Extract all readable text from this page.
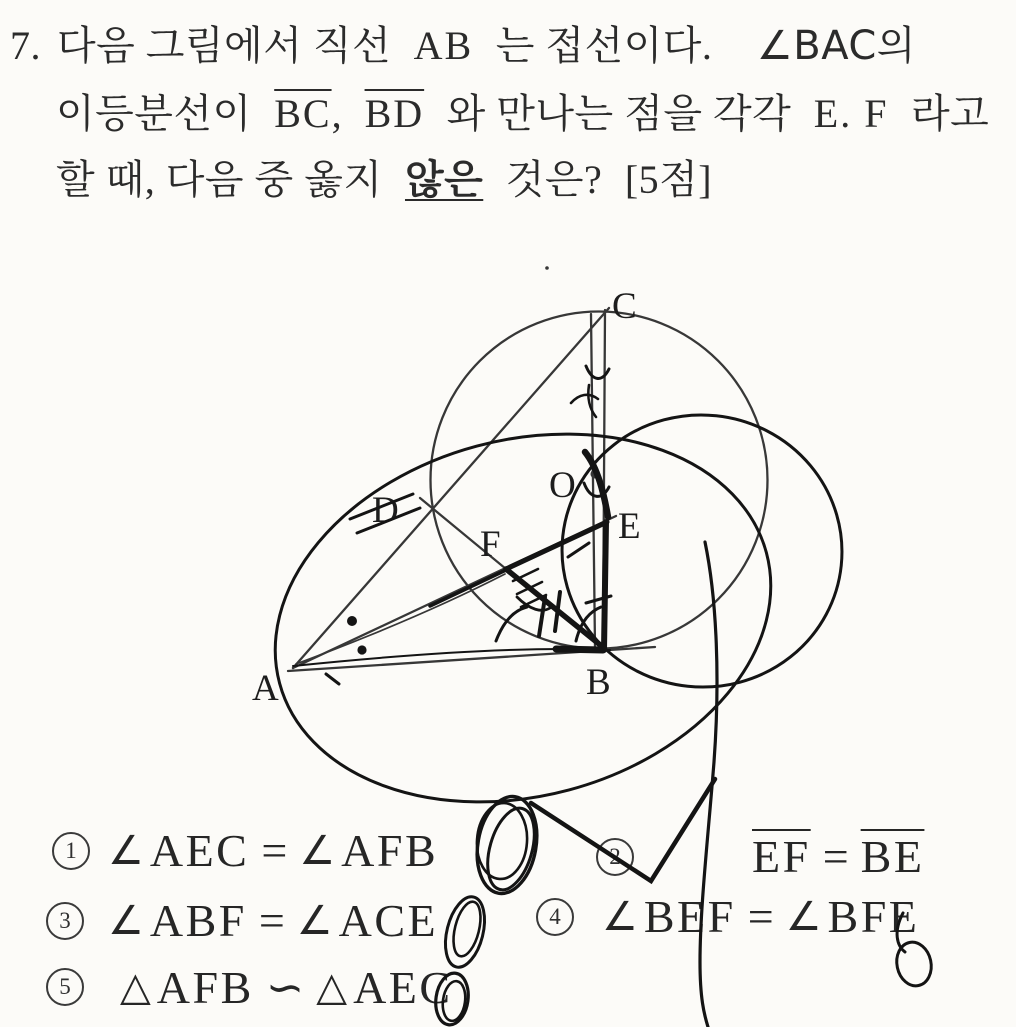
7. 다음 그림에서 직선 AB 는 접선이다. ∠BAC의
이등분선이 $\overline{BC}$, $\overline{BD}$ 와 만나는 점을 각각 E. F 라고
할 때, 다음 중 옳지 않은 것은? [5점]
1 ∠ AEC = ∠ AFB	2	$\overline{EF} = \overline{BE}$
3 ∠ ABF = ∠ ACE	4	∠ BEF = ∠ BFE
5	△ AFB ∽ △ AEC
A	B
C
D	E
F
O
